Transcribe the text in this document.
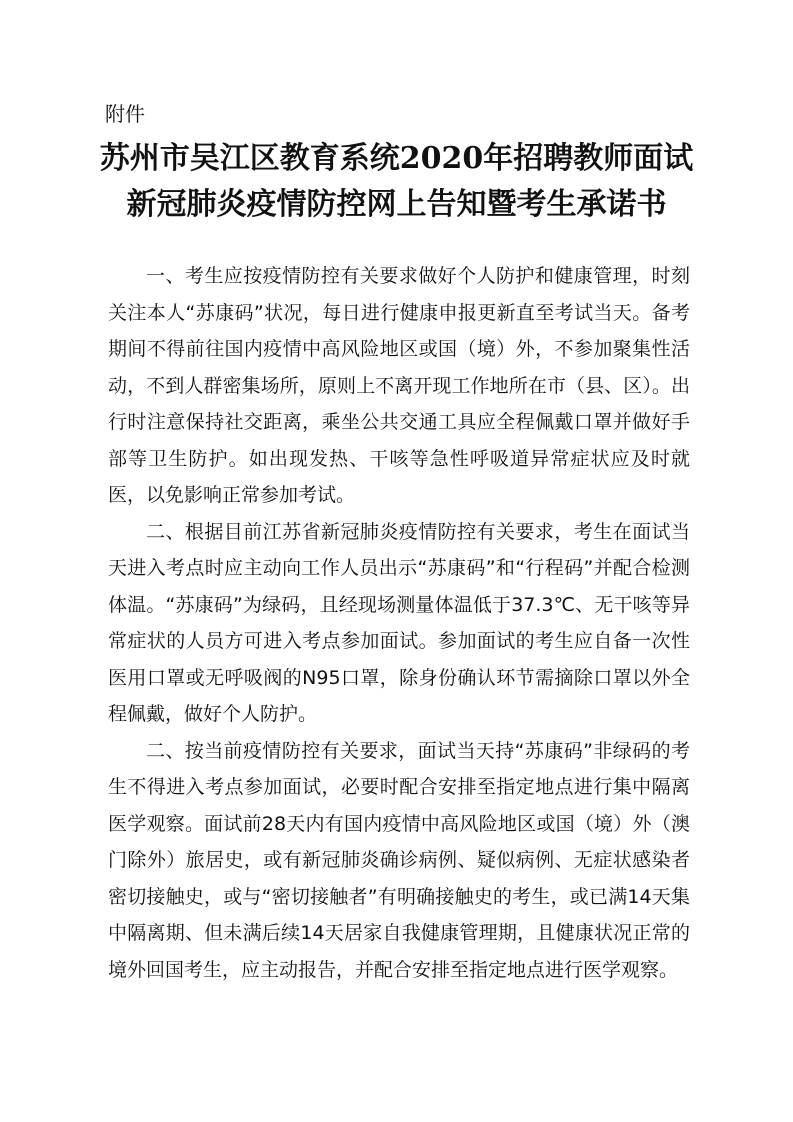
附件

苏州市吴江区教育系统2020年招聘教师面试
新冠肺炎疫情防控网上告知暨考生承诺书

一、考生应按疫情防控有关要求做好个人防护和健康管理，时刻关注本人“苏康码”状况，每日进行健康申报更新直至考试当天。备考期间不得前往国内疫情中高风险地区或国（境）外，不参加聚集性活动，不到人群密集场所，原则上不离开现工作地所在市（县、区）。出行时注意保持社交距离，乘坐公共交通工具应全程佩戴口罩并做好手部等卫生防护。如出现发热、干咳等急性呼吸道异常症状应及时就医，以免影响正常参加考试。

二、根据目前江苏省新冠肺炎疫情防控有关要求，考生在面试当天进入考点时应主动向工作人员出示“苏康码”和“行程码”并配合检测体温。“苏康码”为绿码，且经现场测量体温低于37.3℃、无干咳等异常症状的人员方可进入考点参加面试。参加面试的考生应自备一次性医用口罩或无呼吸阀的N95口罩，除身份确认环节需摘除口罩以外全程佩戴，做好个人防护。

二、按当前疫情防控有关要求，面试当天持“苏康码”非绿码的考生不得进入考点参加面试，必要时配合安排至指定地点进行集中隔离医学观察。面试前28天内有国内疫情中高风险地区或国（境）外（澳门除外）旅居史，或有新冠肺炎确诊病例、疑似病例、无症状感染者密切接触史，或与“密切接触者”有明确接触史的考生，或已满14天集中隔离期、但未满后续14天居家自我健康管理期，且健康状况正常的境外回国考生，应主动报告，并配合安排至指定地点进行医学观察。
